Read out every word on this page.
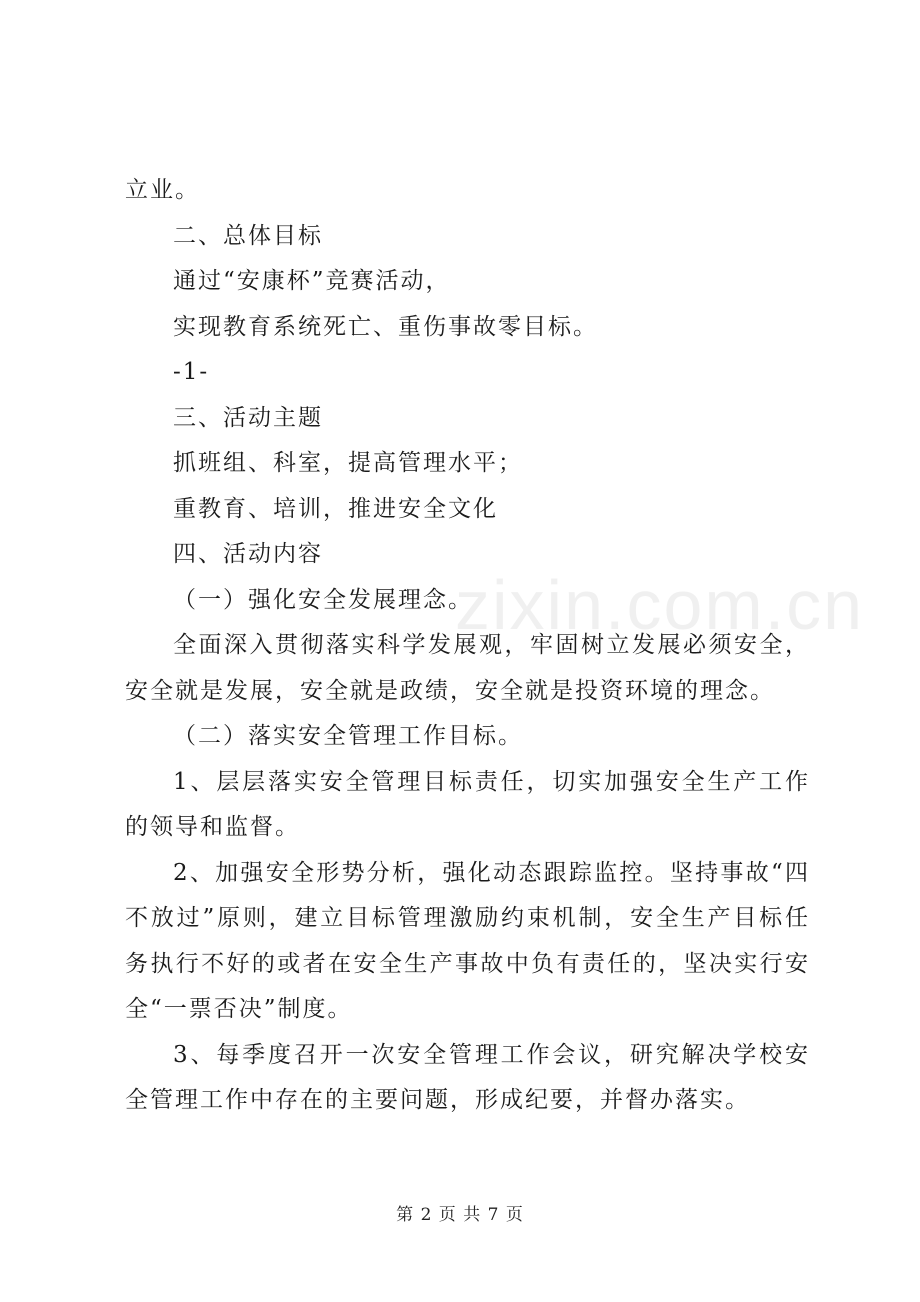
立业。

二、总体目标

通过“安康杯”竞赛活动，

实现教育系统死亡、重伤事故零目标。

-1-

三、活动主题

抓班组、科室，提高管理水平；

重教育、培训，推进安全文化

四、活动内容

（一）强化安全发展理念。

全面深入贯彻落实科学发展观，牢固树立发展必须安全，安全就是发展，安全就是政绩，安全就是投资环境的理念。

（二）落实安全管理工作目标。

1、层层落实安全管理目标责任，切实加强安全生产工作的领导和监督。

2、加强安全形势分析，强化动态跟踪监控。坚持事故“四不放过”原则，建立目标管理激励约束机制，安全生产目标任务执行不好的或者在安全生产事故中负有责任的，坚决实行安全“一票否决”制度。

3、每季度召开一次安全管理工作会议，研究解决学校安全管理工作中存在的主要问题，形成纪要，并督办落实。

zixin.com.cn
第 2 页 共 7 页
